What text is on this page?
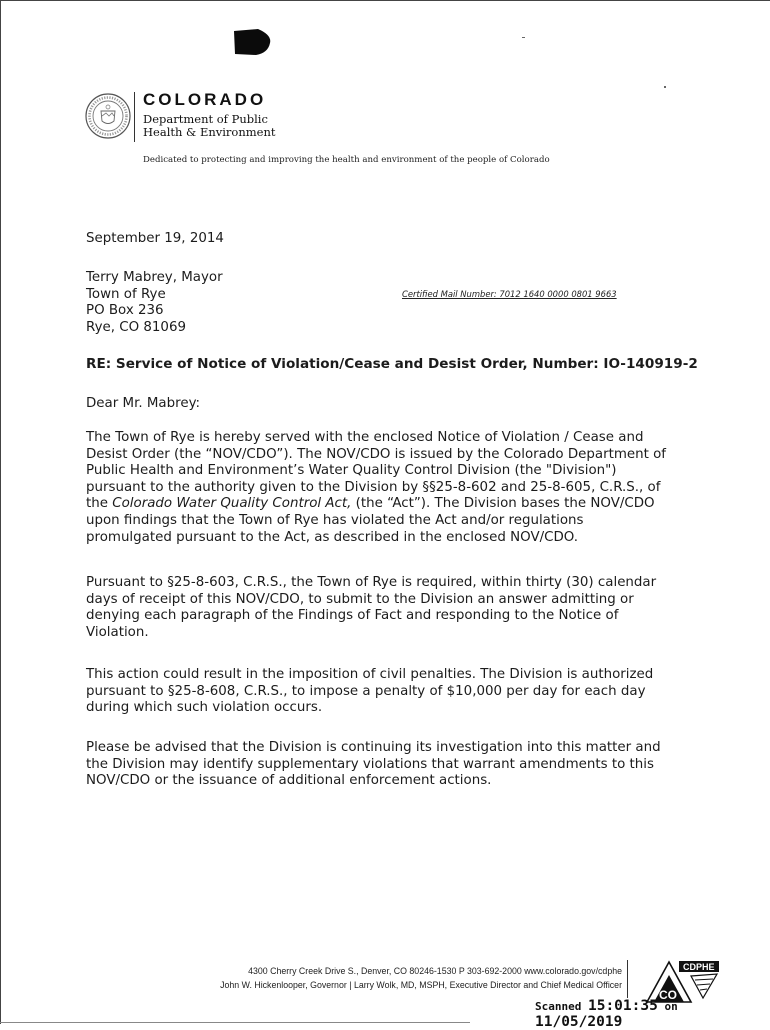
COLORADO
Department of Public
Health & Environment
Dedicated to protecting and improving the health and environment of the people of Colorado
September 19, 2014
Terry Mabrey, Mayor
Town of Rye
PO Box 236
Rye, CO 81069
Certified Mail Number: 7012 1640 0000 0801 9663
RE: Service of Notice of Violation/Cease and Desist Order, Number: IO-140919-2
Dear Mr. Mabrey:
The Town of Rye is hereby served with the enclosed Notice of Violation / Cease and
Desist Order (the “NOV/CDO”). The NOV/CDO is issued by the Colorado Department of
Public Health and Environment’s Water Quality Control Division (the "Division")
pursuant to the authority given to the Division by §§25-8-602 and 25-8-605, C.R.S., of
the Colorado Water Quality Control Act, (the “Act”). The Division bases the NOV/CDO
upon findings that the Town of Rye has violated the Act and/or regulations
promulgated pursuant to the Act, as described in the enclosed NOV/CDO.
Pursuant to §25-8-603, C.R.S., the Town of Rye is required, within thirty (30) calendar
days of receipt of this NOV/CDO, to submit to the Division an answer admitting or
denying each paragraph of the Findings of Fact and responding to the Notice of
Violation.
This action could result in the imposition of civil penalties. The Division is authorized
pursuant to §25-8-608, C.R.S., to impose a penalty of $10,000 per day for each day
during which such violation occurs.
Please be advised that the Division is continuing its investigation into this matter and
the Division may identify supplementary violations that warrant amendments to this
NOV/CDO or the issuance of additional enforcement actions.
4300 Cherry Creek Drive S., Denver, CO 80246-1530 P 303-692-2000 www.colorado.gov/cdphe
John W. Hickenlooper, Governor | Larry Wolk, MD, MSPH, Executive Director and Chief Medical Officer
CO
CDPHE
Scanned 15:01:35 on 11/05/2019
